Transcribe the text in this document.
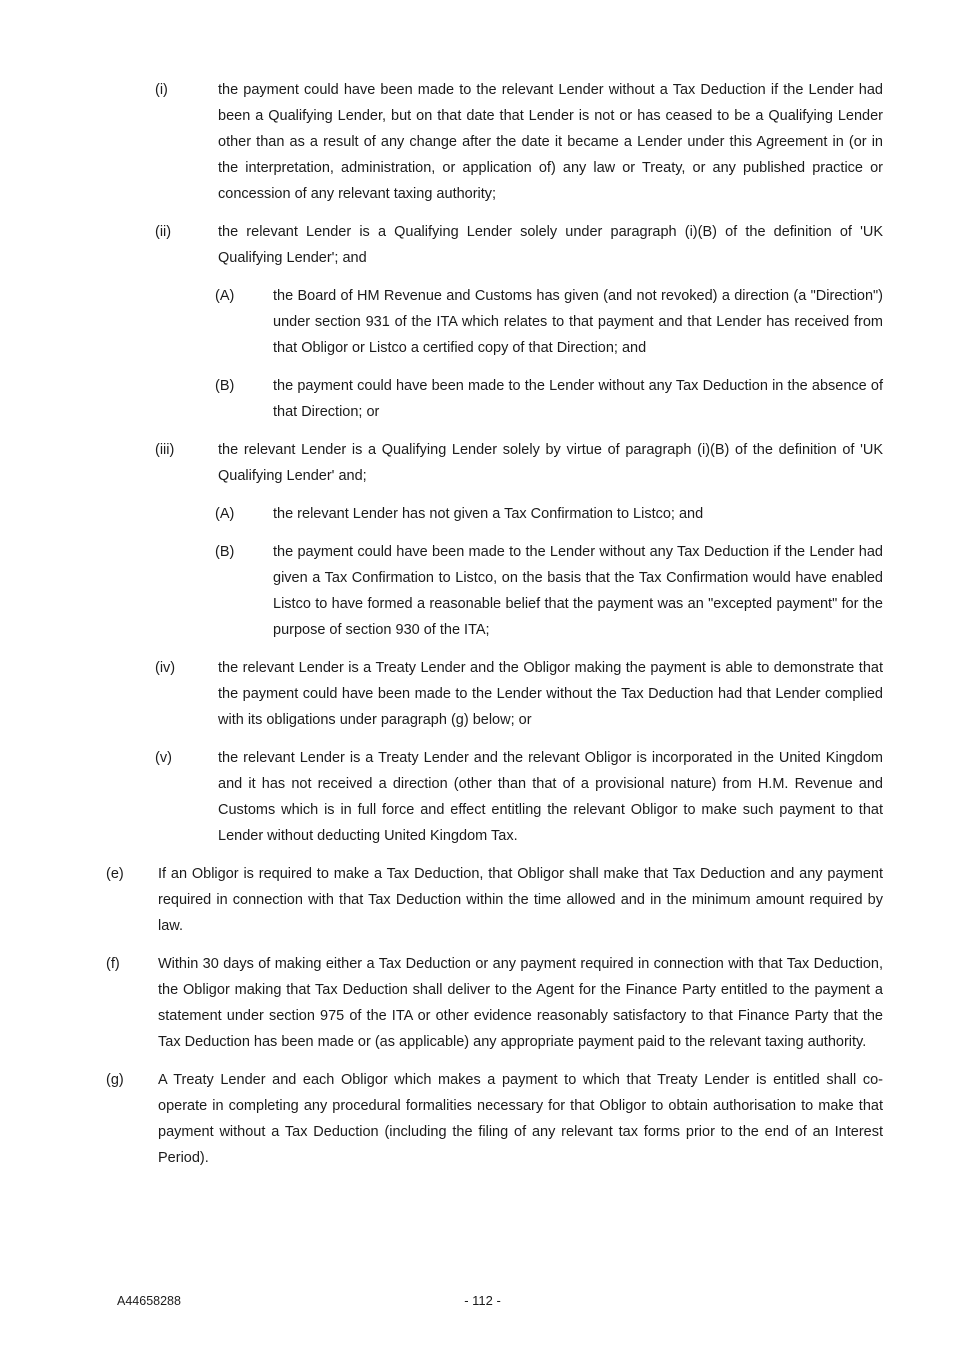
(i)	the payment could have been made to the relevant Lender without a Tax Deduction if the Lender had been a Qualifying Lender, but on that date that Lender is not or has ceased to be a Qualifying Lender other than as a result of any change after the date it became a Lender under this Agreement in (or in the interpretation, administration, or application of) any law or Treaty, or any published practice or concession of any relevant taxing authority;
(ii)	the relevant Lender is a Qualifying Lender solely under paragraph (i)(B) of the definition of 'UK Qualifying Lender'; and
(A)	the Board of HM Revenue and Customs has given (and not revoked) a direction (a "Direction") under section 931 of the ITA which relates to that payment and that Lender has received from that Obligor or Listco a certified copy of that Direction; and
(B)	the payment could have been made to the Lender without any Tax Deduction in the absence of that Direction; or
(iii)	the relevant Lender is a Qualifying Lender solely by virtue of paragraph (i)(B) of the definition of 'UK Qualifying Lender' and;
(A)	the relevant Lender has not given a Tax Confirmation to Listco; and
(B)	the payment could have been made to the Lender without any Tax Deduction if the Lender had given a Tax Confirmation to Listco, on the basis that the Tax Confirmation would have enabled Listco to have formed a reasonable belief that the payment was an "excepted payment" for the purpose of section 930 of the ITA;
(iv)	the relevant Lender is a Treaty Lender and the Obligor making the payment is able to demonstrate that the payment could have been made to the Lender without the Tax Deduction had that Lender complied with its obligations under paragraph (g) below; or
(v)	the relevant Lender is a Treaty Lender and the relevant Obligor is incorporated in the United Kingdom and it has not received a direction (other than that of a provisional nature) from H.M. Revenue and Customs which is in full force and effect entitling the relevant Obligor to make such payment to that Lender without deducting United Kingdom Tax.
(e) If an Obligor is required to make a Tax Deduction, that Obligor shall make that Tax Deduction and any payment required in connection with that Tax Deduction within the time allowed and in the minimum amount required by law.
(f)	Within 30 days of making either a Tax Deduction or any payment required in connection with that Tax Deduction, the Obligor making that Tax Deduction shall deliver to the Agent for the Finance Party entitled to the payment a statement under section 975 of the ITA or other evidence reasonably satisfactory to that Finance Party that the Tax Deduction has been made or (as applicable) any appropriate payment paid to the relevant taxing authority.
(g) A Treaty Lender and each Obligor which makes a payment to which that Treaty Lender is entitled shall co-operate in completing any procedural formalities necessary for that Obligor to obtain authorisation to make that payment without a Tax Deduction (including the filing of any relevant tax forms prior to the end of an Interest Period).
A44658288	- 112 -
